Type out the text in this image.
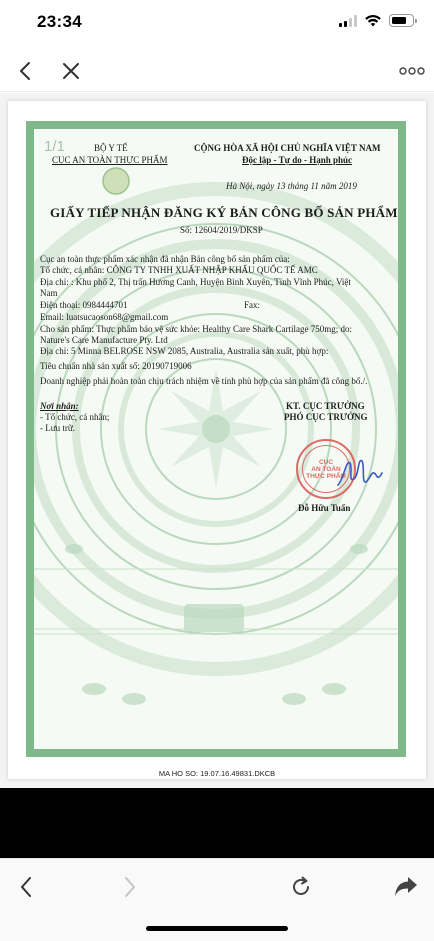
23:34
1/1	BỘ Y TẾ
CỤC AN TOÀN THỰC PHẨM
CỘNG HÒA XÃ HỘI CHỦ NGHĨA VIỆT NAM
Độc lập - Tự do - Hạnh phúc
Hà Nội, ngày 13 tháng 11 năm 2019
GIẤY TIẾP NHẬN ĐĂNG KÝ BẢN CÔNG BỐ SẢN PHẨM
Số: 12604/2019/DKSP
Cục an toàn thực phẩm xác nhận đã nhận Bản công bố sản phẩm của:
Tổ chức, cá nhân: CÔNG TY TNHH XUẤT NHẬP KHẨU QUỐC TẾ AMC
Địa chỉ: : Khu phố 2, Thị trấn Hương Canh, Huyện Bình Xuyên, Tỉnh Vĩnh Phúc, Việt
Nam
Điện thoại: 0984444701	Fax:
Email: luatsucaoson68@gmail.com
Cho sản phẩm: Thực phẩm bảo vệ sức khỏe: Healthy Care Shark Cartilage 750mg; do:
Nature's Care Manufacture Pty. Ltd
Địa chỉ: 5 Minna BELROSE NSW 2085, Australia, Australia sản xuất, phù hợp:
Tiêu chuẩn nhà sản xuất số: 20190719006
Doanh nghiệp phải hoàn toàn chịu trách nhiệm về tính phù hợp của sản phẩm đã công bố./.
Nơi nhận:
- Tổ chức, cá nhân;
- Lưu trữ.
KT. CỤC TRƯỞNG
PHÓ CỤC TRƯỞNG
CỤC
AN TOÀN
THỰC PHẨM
Đỗ Hữu Tuấn
MA HO SO: 19.07.16.49831.DKCB
